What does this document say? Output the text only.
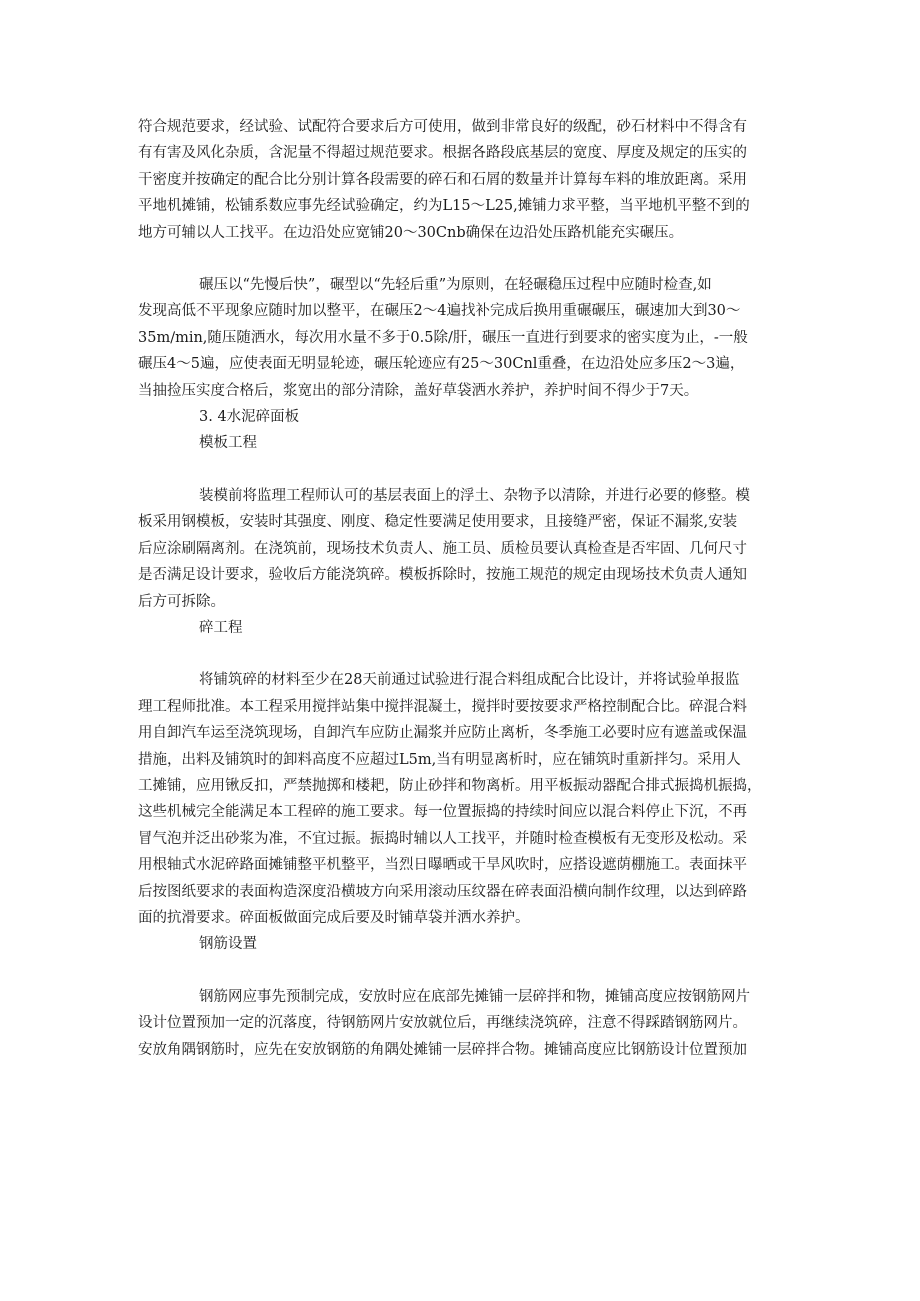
符合规范要求，经试验、试配符合要求后方可使用，做到非常良好的级配，砂石材料中不得含有
有有害及风化杂质，含泥量不得超过规范要求。根据各路段底基层的宽度、厚度及规定的压实的
干密度并按确定的配合比分别计算各段需要的碎石和石屑的数量并计算每车料的堆放距离。采用
平地机摊铺，松铺系数应事先经试验确定，约为L15～L25,摊铺力求平整，当平地机平整不到的
地方可辅以人工找平。在边沿处应宽铺20～30Cnb确保在边沿处压路机能充实碾压。

碾压以“先慢后快”，碾型以“先轻后重”为原则，在轻碾稳压过程中应随时检查,如
发现高低不平现象应随时加以整平，在碾压2～4遍找补完成后换用重碾碾压，碾速加大到30～
35m∕min,随压随洒水，每次用水量不多于0.5除/肝，碾压一直进行到要求的密实度为止，-一般
碾压4～5遍，应使表面无明显轮迹，碾压轮迹应有25～30Cnl重叠，在边沿处应多压2～3遍，
当抽捡压实度合格后，浆宽出的部分清除，盖好草袋洒水养护，养护时间不得少于7天。

3. 4水泥碎面板

模板工程

装模前将监理工程师认可的基层表面上的浮土、杂物予以清除，并进行必要的修整。模
板采用钢模板，安装时其强度、刚度、稳定性要满足使用要求，且接缝严密，保证不漏浆,安装
后应涂刷隔离剂。在浇筑前，现场技术负责人、施工员、质检员要认真检查是否牢固、几何尺寸
是否满足设计要求，验收后方能浇筑碎。模板拆除时，按施工规范的规定由现场技术负责人通知
后方可拆除。

碎工程

将铺筑碎的材料至少在28天前通过试验进行混合料组成配合比设计，并将试验单报监
理工程师批准。本工程采用搅拌站集中搅拌混凝土，搅拌时要按要求严格控制配合比。碎混合料
用自卸汽车运至浇筑现场，自卸汽车应防止漏浆并应防止离析，冬季施工必要时应有遮盖或保温
措施，出料及铺筑时的卸料高度不应超过L5m,当有明显离析时，应在铺筑时重新拌匀。采用人
工摊铺，应用锹反扣，严禁抛掷和楼耙，防止砂拌和物离析。用平板振动器配合排式振捣机振捣，
这些机械完全能满足本工程碎的施工要求。每一位置振捣的持续时间应以混合料停止下沉，不再
冒气泡并泛出砂浆为准，不宜过振。振捣时辅以人工找平，并随时检查模板有无变形及松动。采
用根轴式水泥碎路面摊铺整平机整平，当烈日曝晒或干旱风吹时，应搭设遮荫棚施工。表面抹平
后按图纸要求的表面构造深度沿横坡方向采用滚动压纹器在碎表面沿横向制作纹理，以达到碎路
面的抗滑要求。碎面板做面完成后要及时铺草袋并洒水养护。

钢筋设置

钢筋网应事先预制完成，安放时应在底部先摊铺一层碎拌和物，摊铺高度应按钢筋网片
设计位置预加一定的沉落度，待钢筋网片安放就位后，再继续浇筑碎，注意不得踩踏钢筋网片。
安放角隅钢筋时，应先在安放钢筋的角隅处摊铺一层碎拌合物。摊铺高度应比钢筋设计位置预加
